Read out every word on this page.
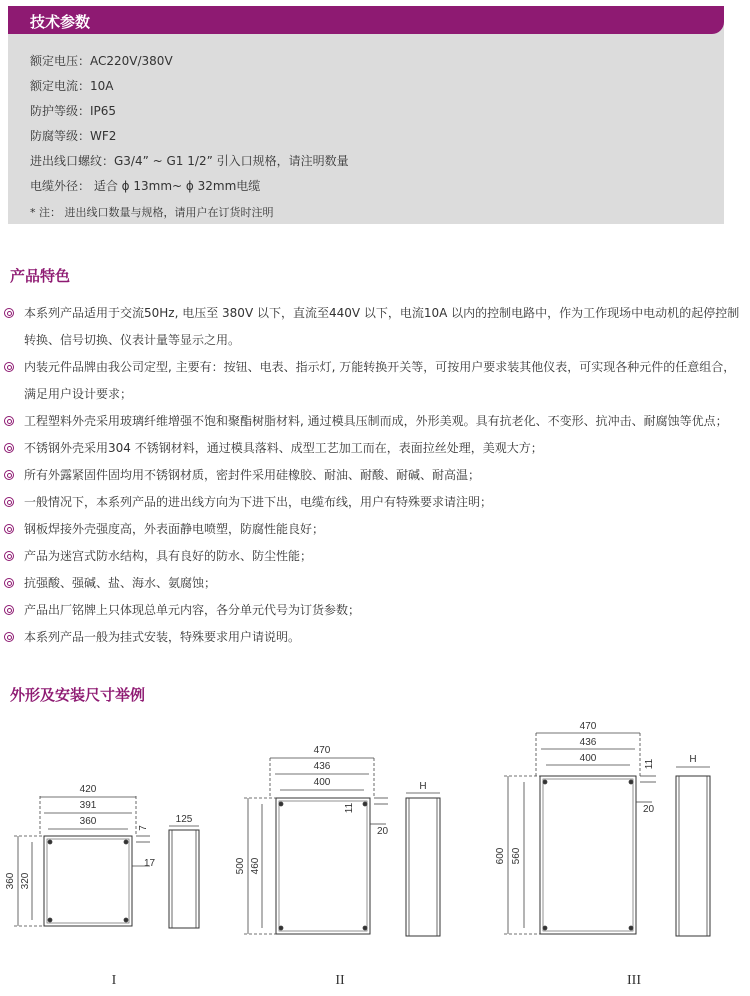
技术参数
额定电压：AC220V/380V
额定电流：10A
防护等级：IP65
防腐等级：WF2
进出线口螺纹：G3/4” ~ G1 1/2” 引入口规格，请注明数量
电缆外径： 适合 ɸ 13mm~ ɸ 32mm电缆
* 注： 进出线口数量与规格，请用户在订货时注明
产品特色
本系列产品适用于交流50Hz, 电压至 380V 以下，直流至440V 以下，电流10A 以内的控制电路中，作为工作现场中电动机的起停控制转换、信号切换、仪表计量等显示之用。
内装元件品牌由我公司定型, 主要有：按钮、电表、指示灯, 万能转换开关等，可按用户要求装其他仪表，可实现各种元件的任意组合，满足用户设计要求；
工程塑料外壳采用玻璃纤维增强不饱和聚酯树脂材料, 通过模具压制而成，外形美观。具有抗老化、不变形、抗冲击、耐腐蚀等优点；
不锈钢外壳采用304 不锈钢材料，通过模具落料、成型工艺加工而在，表面拉丝处理，美观大方；
所有外露紧固件固均用不锈钢材质，密封件采用硅橡胶、耐油、耐酸、耐碱、耐高温；
一般情况下，本系列产品的进出线方向为下进下出，电缆布线，用户有特殊要求请注明；
钢板焊接外壳强度高，外表面静电喷塑，防腐性能良好；
产品为迷宫式防水结构，具有良好的防水、防尘性能；
抗强酸、强碱、盐、海水、氨腐蚀；
产品出厂铭牌上只体现总单元内容，各分单元代号为订货参数；
本系列产品一般为挂式安装，特殊要求用户请说明。
外形及安装尺寸举例
420
391
360
360 320
7
17
125
I
470
436
400
500 460
11
20
H
II
470
436
400
600 560
11
20
H
III
